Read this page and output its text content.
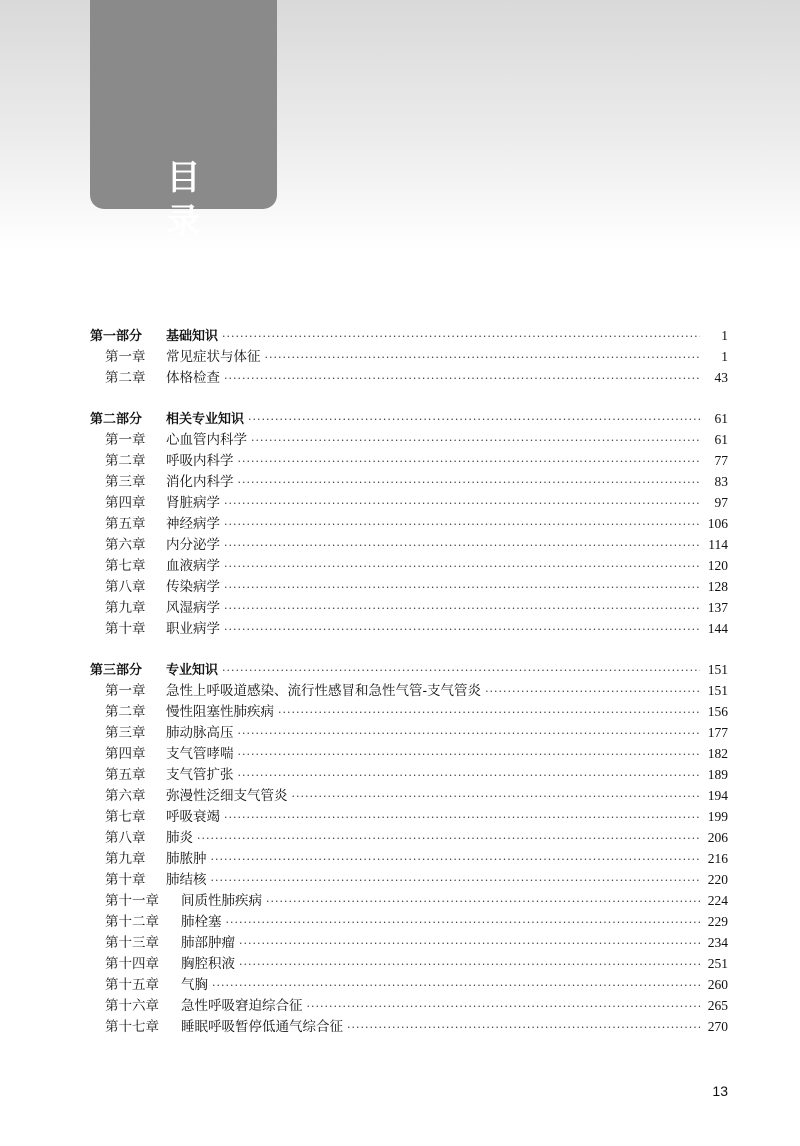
目 录
第一部分	基础知识 ·····	1
第一章	常见症状与体征 ·····	1
第二章	体格检查 ·····	43
第二部分	相关专业知识 ·····	61
第一章	心血管内科学 ·····	61
第二章	呼吸内科学 ·····	77
第三章	消化内科学 ·····	83
第四章	肾脏病学 ·····	97
第五章	神经病学 ·····	106
第六章	内分泌学 ·····	114
第七章	血液病学 ·····	120
第八章	传染病学 ·····	128
第九章	风湿病学 ·····	137
第十章	职业病学 ·····	144
第三部分	专业知识 ·····	151
第一章	急性上呼吸道感染、流行性感冒和急性气管-支气管炎 ·····	151
第二章	慢性阻塞性肺疾病 ·····	156
第三章	肺动脉高压 ·····	177
第四章	支气管哮喘 ·····	182
第五章	支气管扩张 ·····	189
第六章	弥漫性泛细支气管炎 ·····	194
第七章	呼吸衰竭 ·····	199
第八章	肺炎 ·····	206
第九章	肺脓肿 ·····	216
第十章	肺结核 ·····	220
第十一章	间质性肺疾病 ·····	224
第十二章	肺栓塞 ·····	229
第十三章	肺部肿瘤 ·····	234
第十四章	胸腔积液 ·····	251
第十五章	气胸 ·····	260
第十六章	急性呼吸窘迫综合征 ·····	265
第十七章	睡眠呼吸暂停低通气综合征 ·····	270
13
